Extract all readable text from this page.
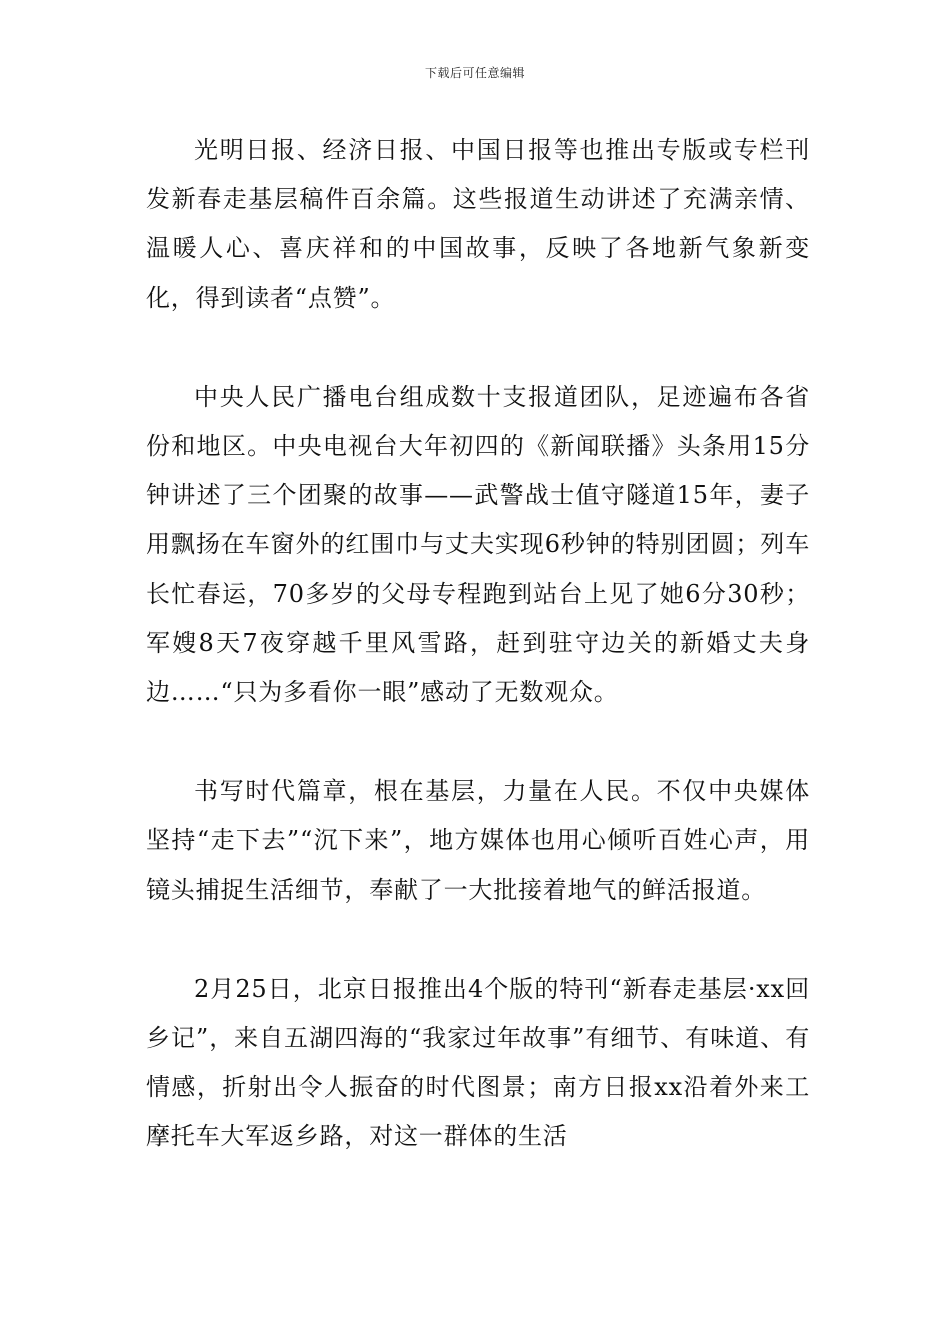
下载后可任意编辑

光明日报、经济日报、中国日报等也推出专版或专栏刊发新春走基层稿件百余篇。这些报道生动讲述了充满亲情、温暖人心、喜庆祥和的中国故事，反映了各地新气象新变化，得到读者“点赞”。

中央人民广播电台组成数十支报道团队，足迹遍布各省份和地区。中央电视台大年初四的《新闻联播》头条用15分钟讲述了三个团聚的故事——武警战士值守隧道15年，妻子用飘扬在车窗外的红围巾与丈夫实现6秒钟的特别团圆；列车长忙春运，70多岁的父母专程跑到站台上见了她6分30秒；军嫂8天7夜穿越千里风雪路，赶到驻守边关的新婚丈夫身边……“只为多看你一眼”感动了无数观众。

书写时代篇章，根在基层，力量在人民。不仅中央媒体坚持“走下去”“沉下来”，地方媒体也用心倾听百姓心声，用镜头捕捉生活细节，奉献了一大批接着地气的鲜活报道。

2月25日，北京日报推出4个版的特刊“新春走基层·xx回乡记”，来自五湖四海的“我家过年故事”有细节、有味道、有情感，折射出令人振奋的时代图景；南方日报xx沿着外来工摩托车大军返乡路，对这一群体的生活
